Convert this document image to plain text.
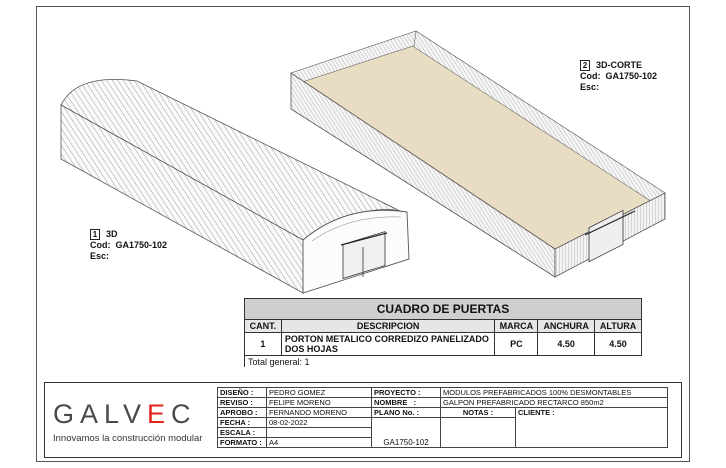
1 3D
Cod: GA1750-102
Esc:
2 3D-CORTE
Cod: GA1750-102
Esc:
CUADRO DE PUERTAS				
CANT.	DESCRIPCION	MARCA	ANCHURA	ALTURA
1	PORTON METALICO CORREDIZO PANELIZADO
DOS HOJAS	PC	4.50	4.50
Total general: 1				
GALVEC
Innovamos la construcción modular
DISEÑO :	PEDRO GOMEZ	PROYECTO :	MODULOS PREFABRICADOS 100% DESMONTABLES	
REVISO :	FELIPE MORENO	NOMBRE   :	GALPON PREFABRICADO RECTARCO 850m2	
APROBO :	FERNANDO MORENO	PLANO No. :	NOTAS :	CLIENTE :
FECHA :	08-02-2022	GA1750-102		
ESCALA :				
FORMATO :	A4			
